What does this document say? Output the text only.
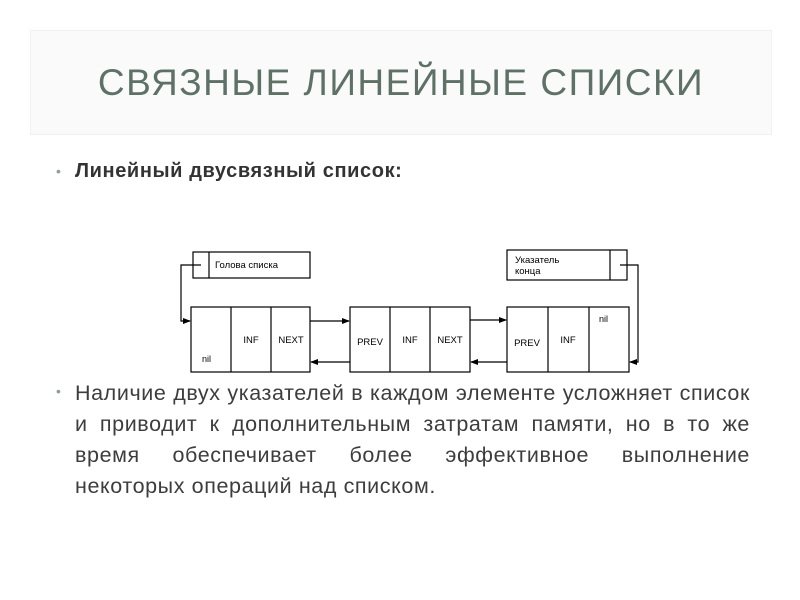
СВЯЗНЫЕ ЛИНЕЙНЫЕ СПИСКИ
• Линейный двусвязный список:
Голова списка	Указатель
конца
nil
INF NEXT	PREV INF NEXT	PREV INF
nil
• Наличие двух указателей в каждом элементе усложняет список и приводит к дополнительным затратам памяти, но в то же время обеспечивает более эффективное выполнение некоторых операций над списком.
